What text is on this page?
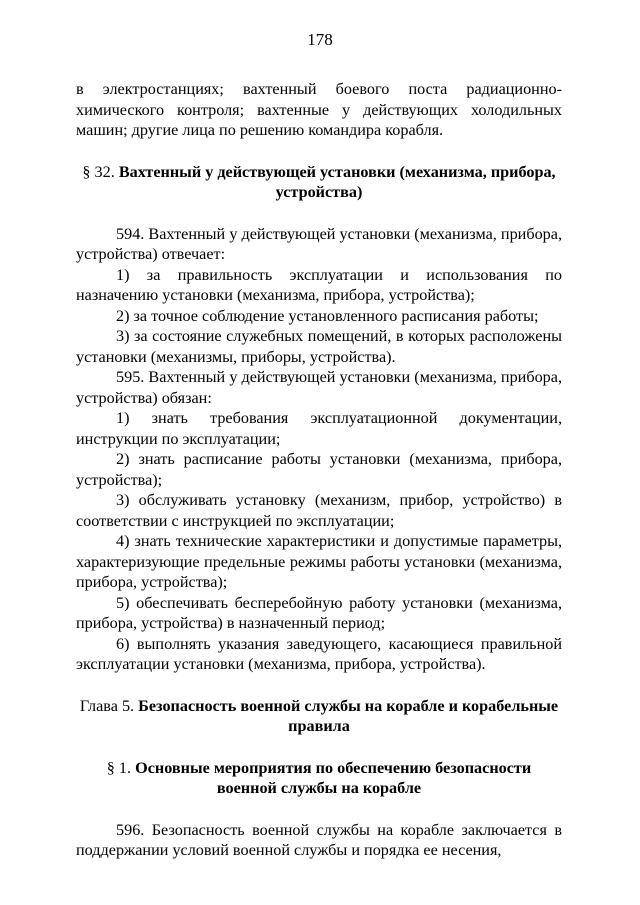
178

в электростанциях; вахтенный боевого поста радиационно-химического контроля; вахтенные у действующих холодильных машин; другие лица по решению командира корабля.

§ 32. Вахтенный у действующей установки (механизма, прибора, устройства)

594. Вахтенный у действующей установки (механизма, прибора, устройства) отвечает:

1) за правильность эксплуатации и использования по назначению установки (механизма, прибора, устройства);

2) за точное соблюдение установленного расписания работы;

3) за состояние служебных помещений, в которых расположены установки (механизмы, приборы, устройства).

595. Вахтенный у действующей установки (механизма, прибора, устройства) обязан:

1) знать требования эксплуатационной документации, инструкции по эксплуатации;

2) знать расписание работы установки (механизма, прибора, устройства);

3) обслуживать установку (механизм, прибор, устройство) в соответствии с инструкцией по эксплуатации;

4) знать технические характеристики и допустимые параметры, характеризующие предельные режимы работы установки (механизма, прибора, устройства);

5) обеспечивать бесперебойную работу установки (механизма, прибора, устройства) в назначенный период;

6) выполнять указания заведующего, касающиеся правильной эксплуатации установки (механизма, прибора, устройства).

Глава 5. Безопасность военной службы на корабле и корабельные правила

§ 1. Основные мероприятия по обеспечению безопасности военной службы на корабле

596. Безопасность военной службы на корабле заключается в поддержании условий военной службы и порядка ее несения,
